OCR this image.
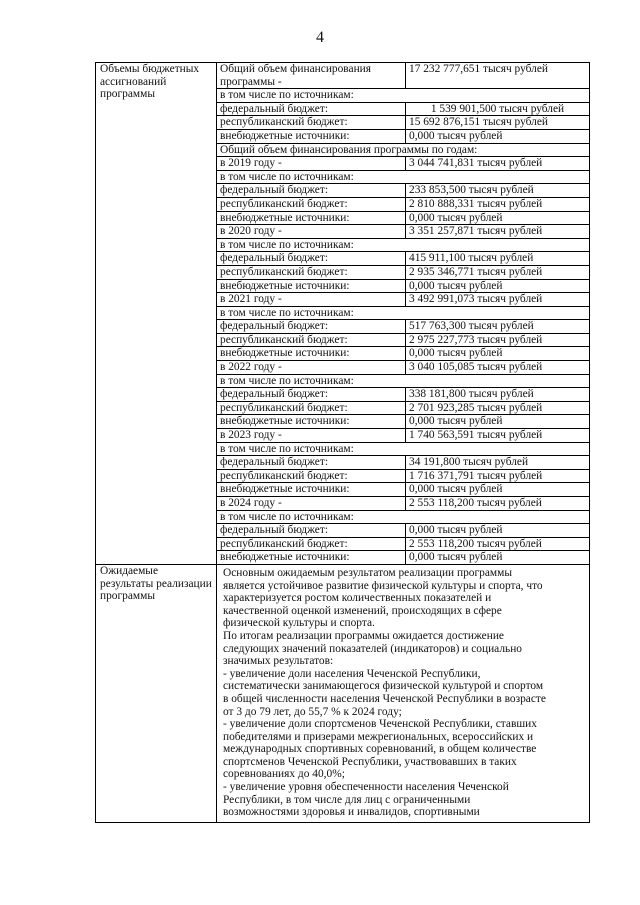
4
Объемы бюджетных ассигнований программы	
Общий объем финансирования программы -	17 232 777,651 тысяч рублей
в том числе по источникам:
федеральный бюджет:	1 539 901,500 тысяч рублей
республиканский бюджет:	15 692 876,151 тысяч рублей
внебюджетные источники:	0,000 тысяч рублей
Общий объем финансирования программы по годам:
в 2019 году -	3 044 741,831 тысяч рублей
в том числе по источникам:
федеральный бюджет:	233 853,500 тысяч рублей
республиканский бюджет:	2 810 888,331 тысяч рублей
внебюджетные источники:	0,000 тысяч рублей
в 2020 году -	3 351 257,871 тысяч рублей
в том числе по источникам:
федеральный бюджет:	415 911,100 тысяч рублей
республиканский бюджет:	2 935 346,771 тысяч рублей
внебюджетные источники:	0,000 тысяч рублей
в 2021 году -	3 492 991,073 тысяч рублей
в том числе по источникам:
федеральный бюджет:	517 763,300 тысяч рублей
республиканский бюджет:	2 975 227,773 тысяч рублей
внебюджетные источники:	0,000 тысяч рублей
в 2022 году -	3 040 105,085 тысяч рублей
в том числе по источникам:
федеральный бюджет:	338 181,800 тысяч рублей
республиканский бюджет:	2 701 923,285 тысяч рублей
внебюджетные источники:	0,000 тысяч рублей
в 2023 году -	1 740 563,591 тысяч рублей
в том числе по источникам:
федеральный бюджет:	34 191,800 тысяч рублей
республиканский бюджет:	1 716 371,791 тысяч рублей
внебюджетные источники:	0,000 тысяч рублей
в 2024 году -	2 553 118,200 тысяч рублей
в том числе по источникам:
федеральный бюджет:	0,000 тысяч рублей
республиканский бюджет:	2 553 118,200 тысяч рублей
внебюджетные источники:	0,000 тысяч рублей

Ожидаемые результаты реализации программы	
Основным ожидаемым результатом реализации программы
является устойчивое развитие физической культуры и спорта, что
характеризуется ростом количественных показателей и
качественной оценкой изменений, происходящих в сфере
физической культуры и спорта.
По итогам реализации программы ожидается достижение
следующих значений показателей (индикаторов) и социально
значимых результатов:
- увеличение доли населения Чеченской Республики,
систематически занимающегося физической культурой и спортом
в общей численности населения Чеченской Республики в возрасте
от 3 до 79 лет, до 55,7 % к 2024 году;
- увеличение доли спортсменов Чеченской Республики, ставших
победителями и призерами межрегиональных, всероссийских и
международных спортивных соревнований, в общем количестве
спортсменов Чеченской Республики, участвовавших в таких
соревнованиях до 40,0%;
- увеличение уровня обеспеченности населения Чеченской
Республики, в том числе для лиц с ограниченными
возможностями здоровья и инвалидов, спортивными
